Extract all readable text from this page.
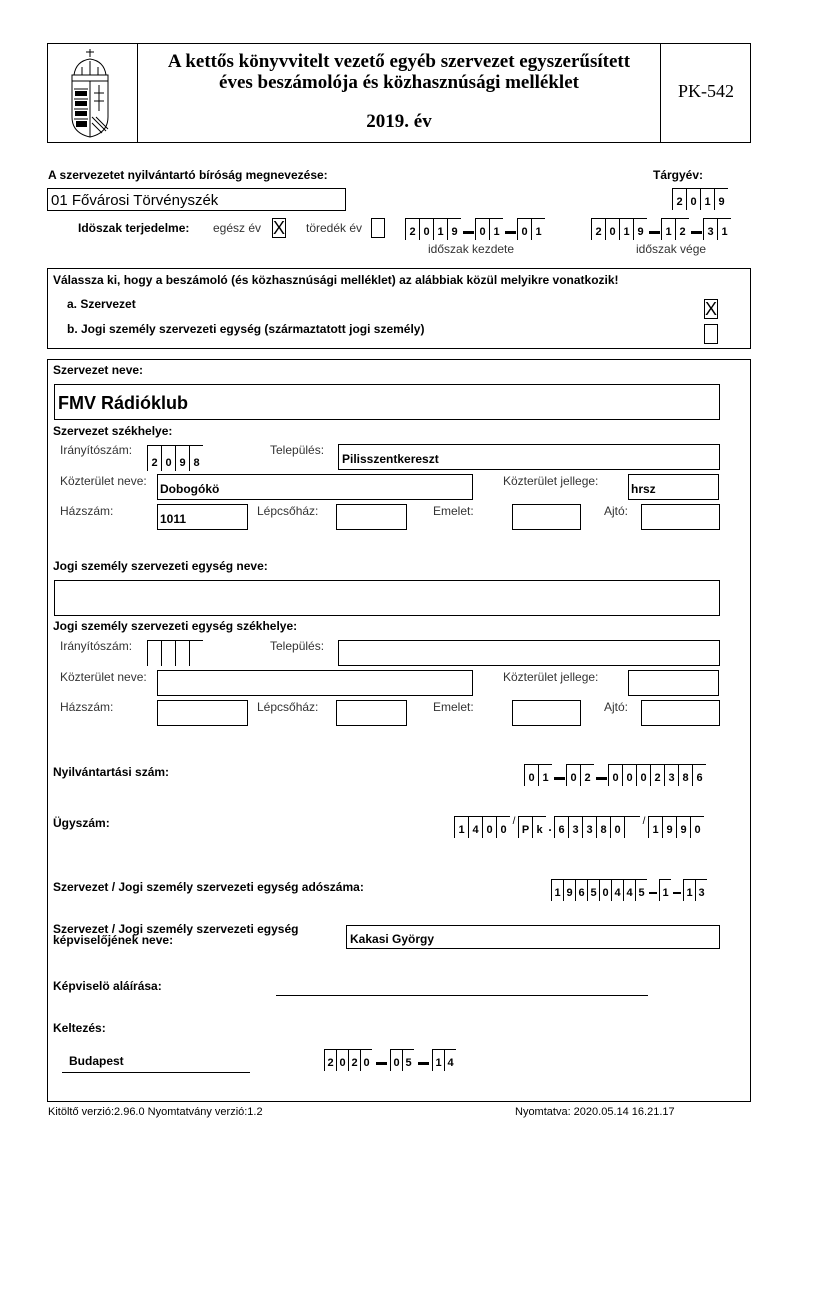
A kettős könyvvitelt vezető egyéb szervezet egyszerűsített
éves beszámolója és közhasznúsági melléklet
2019. év
PK-542
A szervezetet nyilvántartó bíróság megnevezése:
01 Fővárosi Törvényszék
Tárgyév:
2 0 1 9
Idöszak terjedelme: egész év X töredék év	2 0 1 9	0 1	0 1
időszak kezdete
2 0 1 9	1 2	3 1
időszak vége
Válassza ki, hogy a beszámoló (és közhasznúsági melléklet) az alábbiak közül melyikre vonatkozik!
a. Szervezet	X
b. Jogi személy szervezeti egység (származtatott jogi személy)
Szervezet neve:
FMV Rádióklub
Szervezet székhelye:
Irányítószám:
2 0 9 8
Település:
Pilisszentkereszt
Közterület neve:
Dobogókö
Közterület jellege:
hrsz
Házszám:
1011
Lépcsőház:	Emelet:	Ajtó:
Jogi személy szervezeti egység neve:
Jogi személy szervezeti egység székhelye:
Irányítószám:	Település:
Közterület neve:	Közterület jellege:
Házszám:	Lépcsőház:	Emelet:	Ajtó:
Nyilvántartási szám:	0 1	0 2	0 0 0 2 3 8 6
Ügyszám:	1 4 0 0
/
P k . 6 3 3 8 0
/
1 9 9 0
Szervezet / Jogi személy szervezeti egység adószáma:	1 9 6 5 0 4 4 5	1	1 3
Szervezet / Jogi személy szervezeti egység
képviselőjének neve:	Kakasi György
Képviselö aláírása:
Keltezés:
Budapest	2 0 2 0	0 5	1 4
Kitöltő verzió:2.96.0 Nyomtatvány verzió:1.2	Nyomtatva: 2020.05.14 16.21.17
